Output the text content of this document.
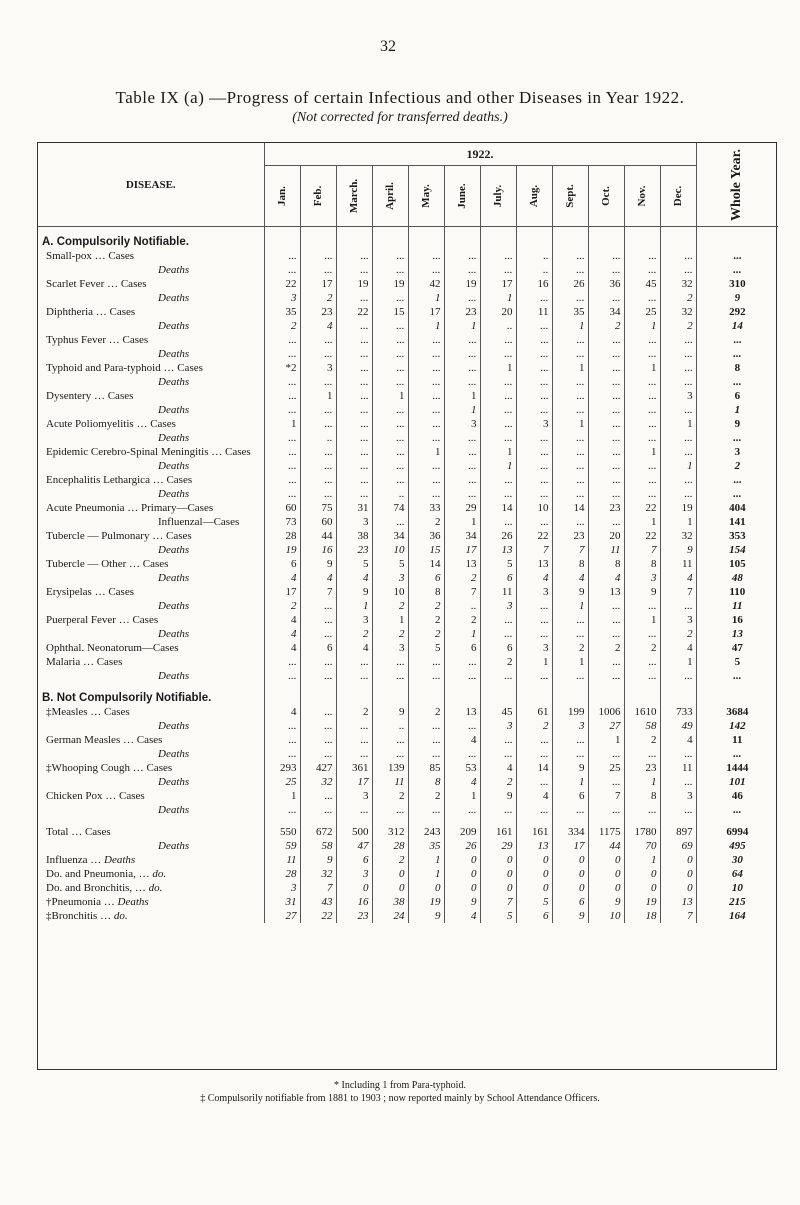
32
Table IX (a) —Progress of certain Infectious and other Diseases in Year 1922.
(Not corrected for transferred deaths.)
DISEASE.	1922.												Whole Year.

	Jan.	Feb.	March.	April.	May.	June.	July.	Aug.	Sept.	Oct.	Nov.	Dec.	

A. Compulsorily Notifiable.													
Small-pox … Cases	...	...	...	...	...	...	...	..	...	...	...	...	...
Deaths	...	...	...	...	...	...	...	..	...	...	...	...	...
Scarlet Fever … Cases	22	17	19	19	42	19	17	16	26	36	45	32	310
Deaths	3	2	...	...	1	...	1	...	...	...	...	2	9
Diphtheria … Cases	35	23	22	15	17	23	20	11	35	34	25	32	292
Deaths	2	4	...	...	1	1	..	...	1	2	1	2	14
Typhus Fever … Cases	...	...	...	...	...	...	...	...	...	...	...	...	...
Deaths	...	...	...	...	...	...	...	...	...	...	...	...	...
Typhoid and Para-typhoid … Cases	*2	3	...	...	...	...	1	...	1	...	1	...	8
Deaths	...	...	...	...	...	...	...	...	...	...	...	...	...
Dysentery … Cases	...	1	...	1	...	1	...	...	...	...	...	3	6
Deaths	...	...	...	...	...	1	...	...	...	...	...	...	1
Acute Poliomyelitis … Cases	1	...	...	...	...	3	...	3	1	...	...	1	9
Deaths	...	..	...	...	...	...	...	...	...	...	...	...	...
Epidemic Cerebro-Spinal Meningitis … Cases	...	...	...	...	1	...	1	...	...	...	1	...	3
Deaths	...	...	...	...	...	...	1	...	...	...	...	1	2
Encephalitis Lethargica … Cases	...	...	...	...	...	...	...	...	...	...	...	...	...
Deaths	...	...	...	..	...	...	...	...	...	...	...	...	...
Acute Pneumonia … Primary—Cases	60	75	31	74	33	29	14	10	14	23	22	19	404
Influenzal—Cases	73	60	3	...	2	1	...	...	...	...	1	1	141
Tubercle — Pulmonary … Cases	28	44	38	34	36	34	26	22	23	20	22	32	353
Deaths	19	16	23	10	15	17	13	7	7	11	7	9	154
Tubercle — Other … Cases	6	9	5	5	14	13	5	13	8	8	8	11	105
Deaths	4	4	4	3	6	2	6	4	4	4	3	4	48
Erysipelas … Cases	17	7	9	10	8	7	11	3	9	13	9	7	110
Deaths	2	...	1	2	2	..	3	...	1	...	...	...	11
Puerperal Fever … Cases	4	...	3	1	2	2	...	...	...	...	1	3	16
Deaths	4	...	2	2	2	1	...	...	...	...	...	2	13
Ophthal. Neonatorum—Cases	4	6	4	3	5	6	6	3	2	2	2	4	47
Malaria … Cases	...	...	...	...	...	...	2	1	1	...	...	1	5
Deaths	...	...	...	...	...	...	...	...	...	...	...	...	...
B. Not Compulsorily Notifiable.													
‡Measles … Cases	4	...	2	9	2	13	45	61	199	1006	1610	733	3684
Deaths	...	...	...	..	...	...	3	2	3	27	58	49	142
German Measles … Cases	...	...	...	...	...	4	...	...	...	1	2	4	11
Deaths	...	...	...	...	...	...	...	...	...	...	...	...	...
‡Whooping Cough … Cases	293	427	361	139	85	53	4	14	9	25	23	11	1444
Deaths	25	32	17	11	8	4	2	...	1	...	1	...	101
Chicken Pox … Cases	1	...	3	2	2	1	9	4	6	7	8	3	46
Deaths	...	...	...	...	...	...	...	...	...	...	...	...	...

Total … Cases	550	672	500	312	243	209	161	161	334	1175	1780	897	6994
Deaths	59	58	47	28	35	26	29	13	17	44	70	69	495
Influenza … Deaths	11	9	6	2	1	0	0	0	0	0	1	0	30
Do. and Pneumonia, … do.	28	32	3	0	1	0	0	0	0	0	0	0	64
Do. and Bronchitis, … do.	3	7	0	0	0	0	0	0	0	0	0	0	10
†Pneumonia … Deaths	31	43	16	38	19	9	7	5	6	9	19	13	215
‡Bronchitis … do.	27	22	23	24	9	4	5	6	9	10	18	7	164
* Including 1 from Para-typhoid.
‡ Compulsorily notifiable from 1881 to 1903 ; now reported mainly by School Attendance Officers.
